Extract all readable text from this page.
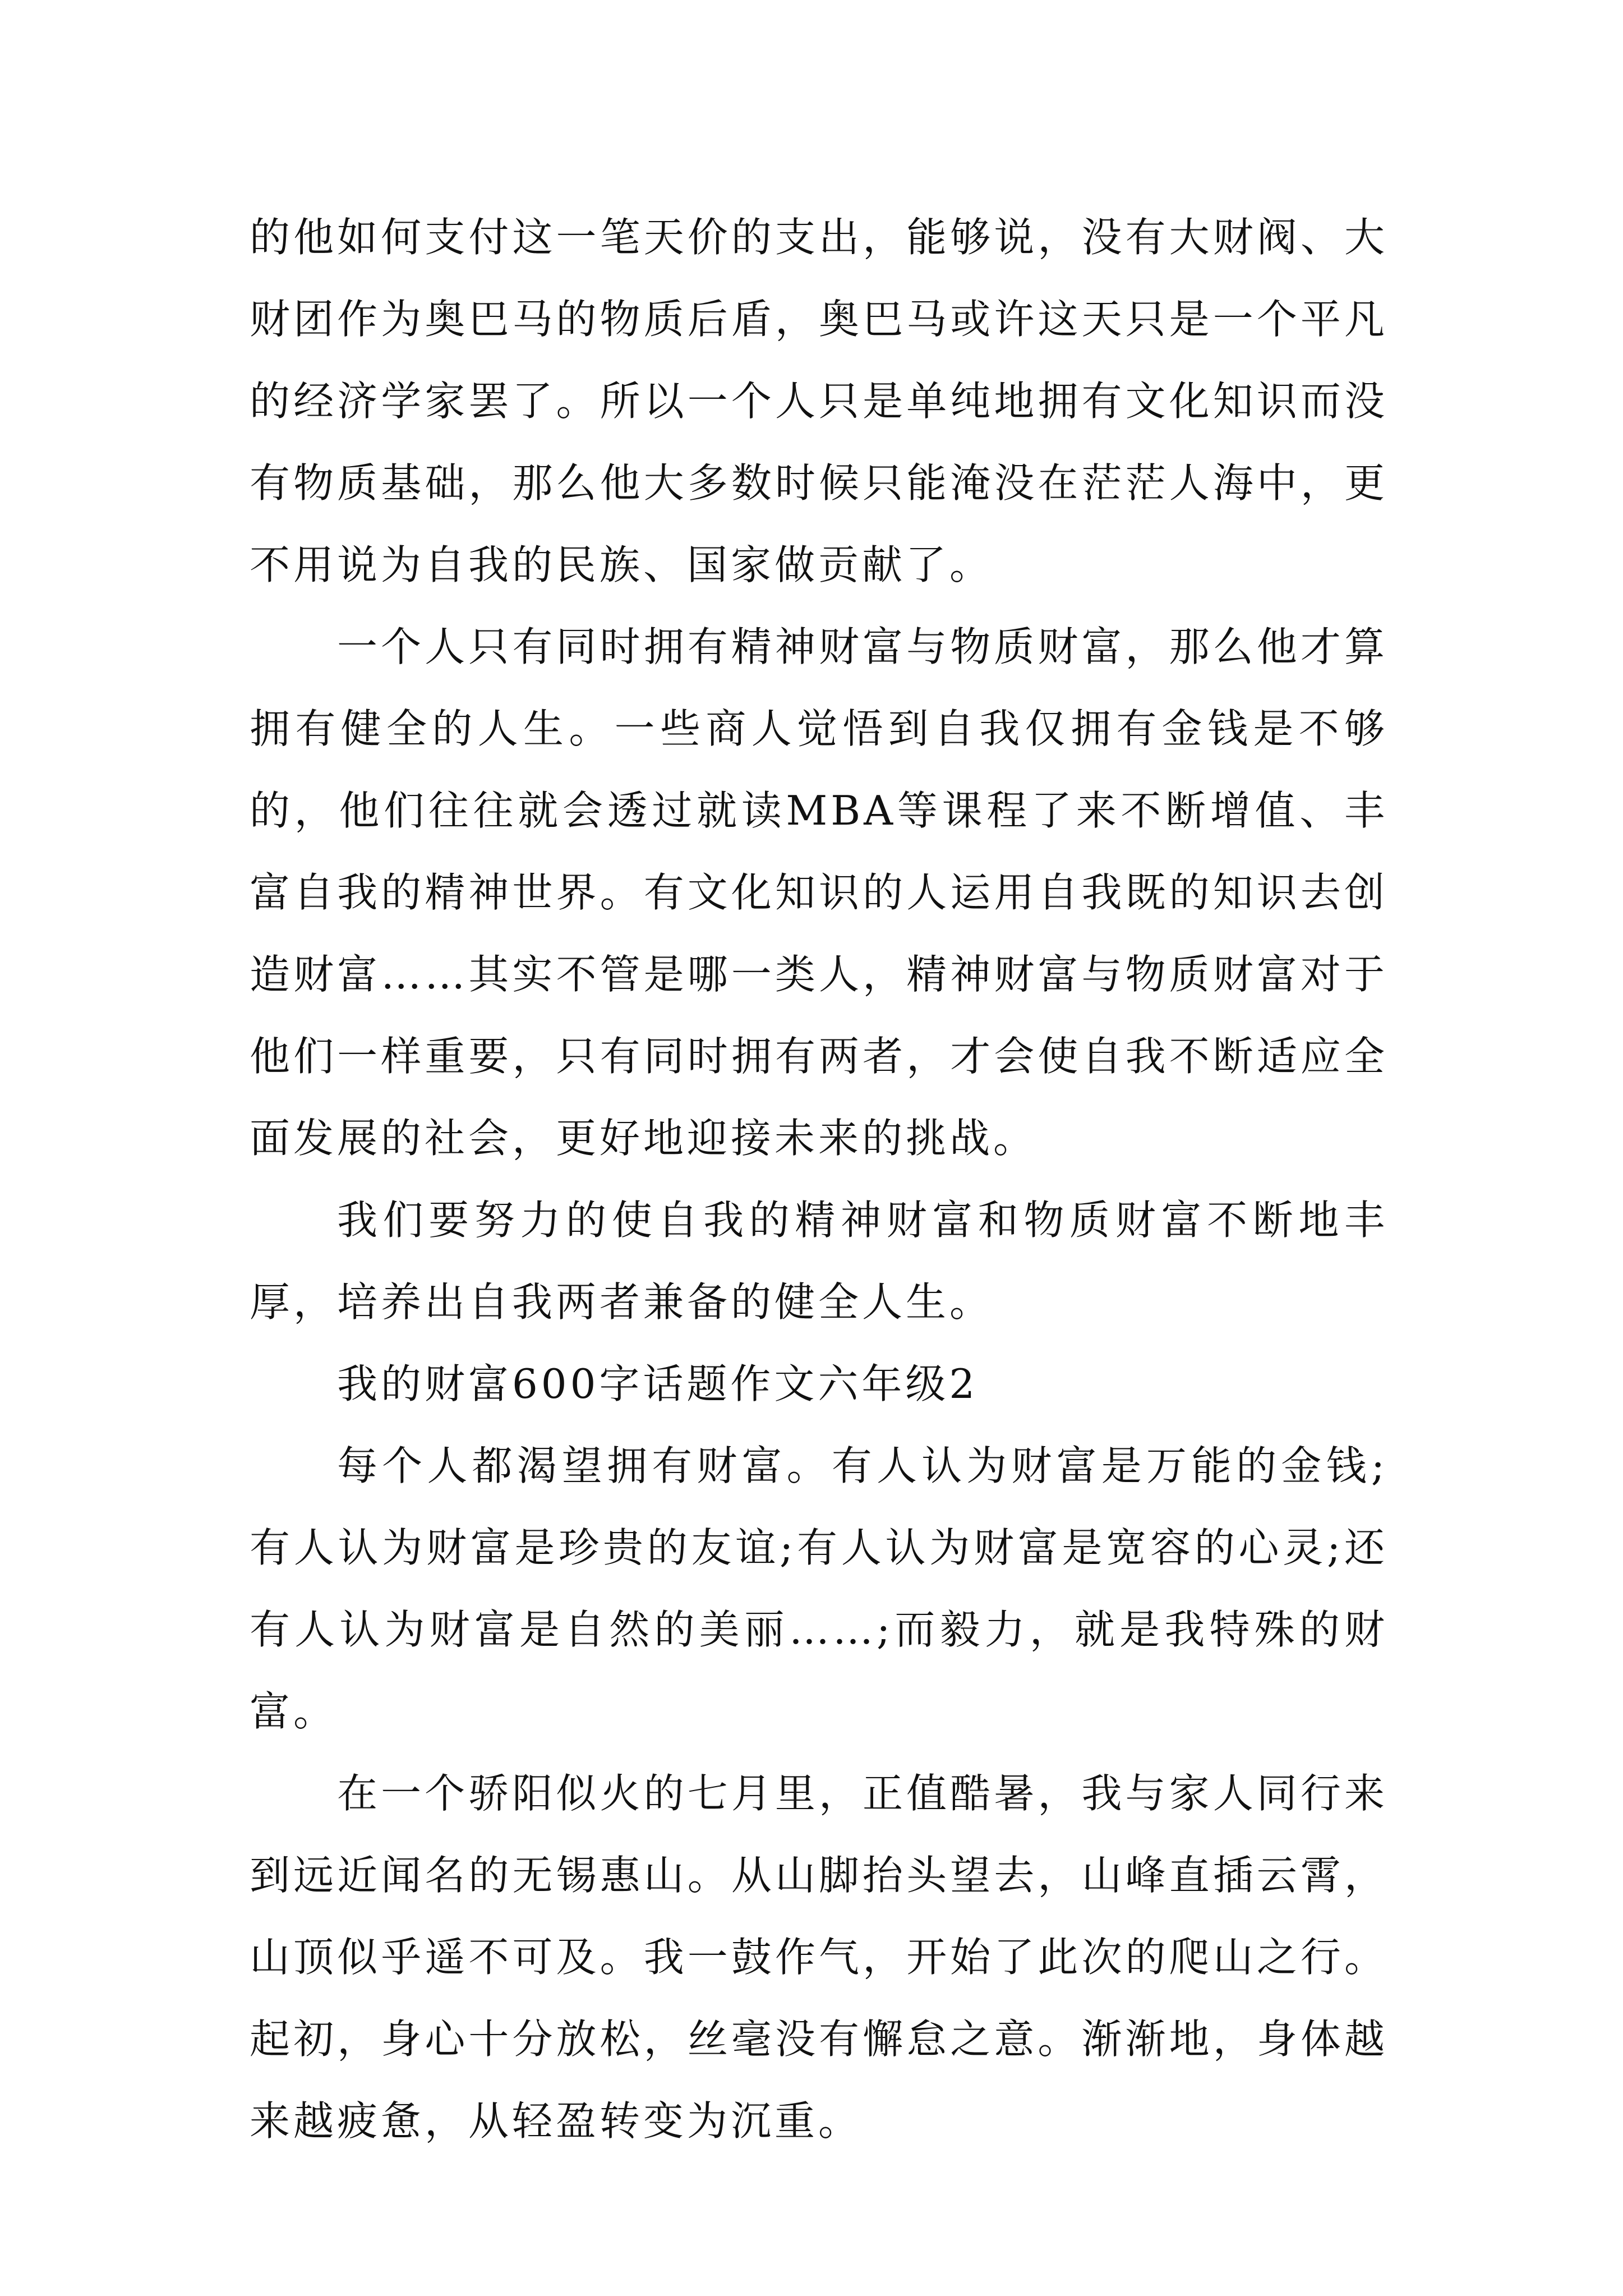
的他如何支付这一笔天价的支出，能够说，没有大财阀、大财团作为奥巴马的物质后盾，奥巴马或许这天只是一个平凡的经济学家罢了。所以一个人只是单纯地拥有文化知识而没有物质基础，那么他大多数时候只能淹没在茫茫人海中，更不用说为自我的民族、国家做贡献了。

一个人只有同时拥有精神财富与物质财富，那么他才算拥有健全的人生。一些商人觉悟到自我仅拥有金钱是不够的，他们往往就会透过就读MBA等课程了来不断增值、丰富自我的精神世界。有文化知识的人运用自我既的知识去创造财富……其实不管是哪一类人，精神财富与物质财富对于他们一样重要，只有同时拥有两者，才会使自我不断适应全面发展的社会，更好地迎接未来的挑战。

我们要努力的使自我的精神财富和物质财富不断地丰厚，培养出自我两者兼备的健全人生。

我的财富600字话题作文六年级2

每个人都渴望拥有财富。有人认为财富是万能的金钱;有人认为财富是珍贵的友谊;有人认为财富是宽容的心灵;还有人认为财富是自然的美丽……;而毅力，就是我特殊的财富。

在一个骄阳似火的七月里，正值酷暑，我与家人同行来到远近闻名的无锡惠山。从山脚抬头望去，山峰直插云霄，山顶似乎遥不可及。我一鼓作气，开始了此次的爬山之行。起初，身心十分放松，丝毫没有懈怠之意。渐渐地，身体越来越疲惫，从轻盈转变为沉重。
